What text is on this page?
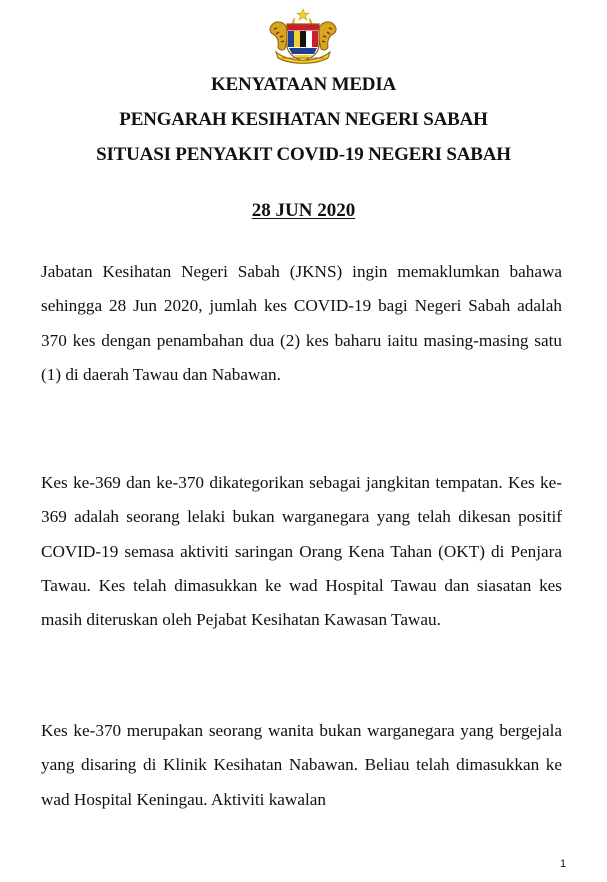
KENYATAAN MEDIA
PENGARAH KESIHATAN NEGERI SABAH
SITUASI PENYAKIT COVID-19 NEGERI SABAH
28 JUN 2020

Jabatan Kesihatan Negeri Sabah (JKNS) ingin memaklumkan bahawa sehingga 28 Jun 2020, jumlah kes COVID-19 bagi Negeri Sabah adalah 370 kes dengan penambahan dua (2) kes baharu iaitu masing-masing satu (1) di daerah Tawau dan Nabawan.

Kes ke-369 dan ke-370 dikategorikan sebagai jangkitan tempatan. Kes ke-369 adalah seorang lelaki bukan warganegara yang telah dikesan positif COVID-19 semasa aktiviti saringan Orang Kena Tahan (OKT) di Penjara Tawau. Kes telah dimasukkan ke wad Hospital Tawau dan siasatan kes masih diteruskan oleh Pejabat Kesihatan Kawasan Tawau.

Kes ke-370 merupakan seorang wanita bukan warganegara yang bergejala yang disaring di Klinik Kesihatan Nabawan. Beliau telah dimasukkan ke wad Hospital Keningau. Aktiviti kawalan

1
